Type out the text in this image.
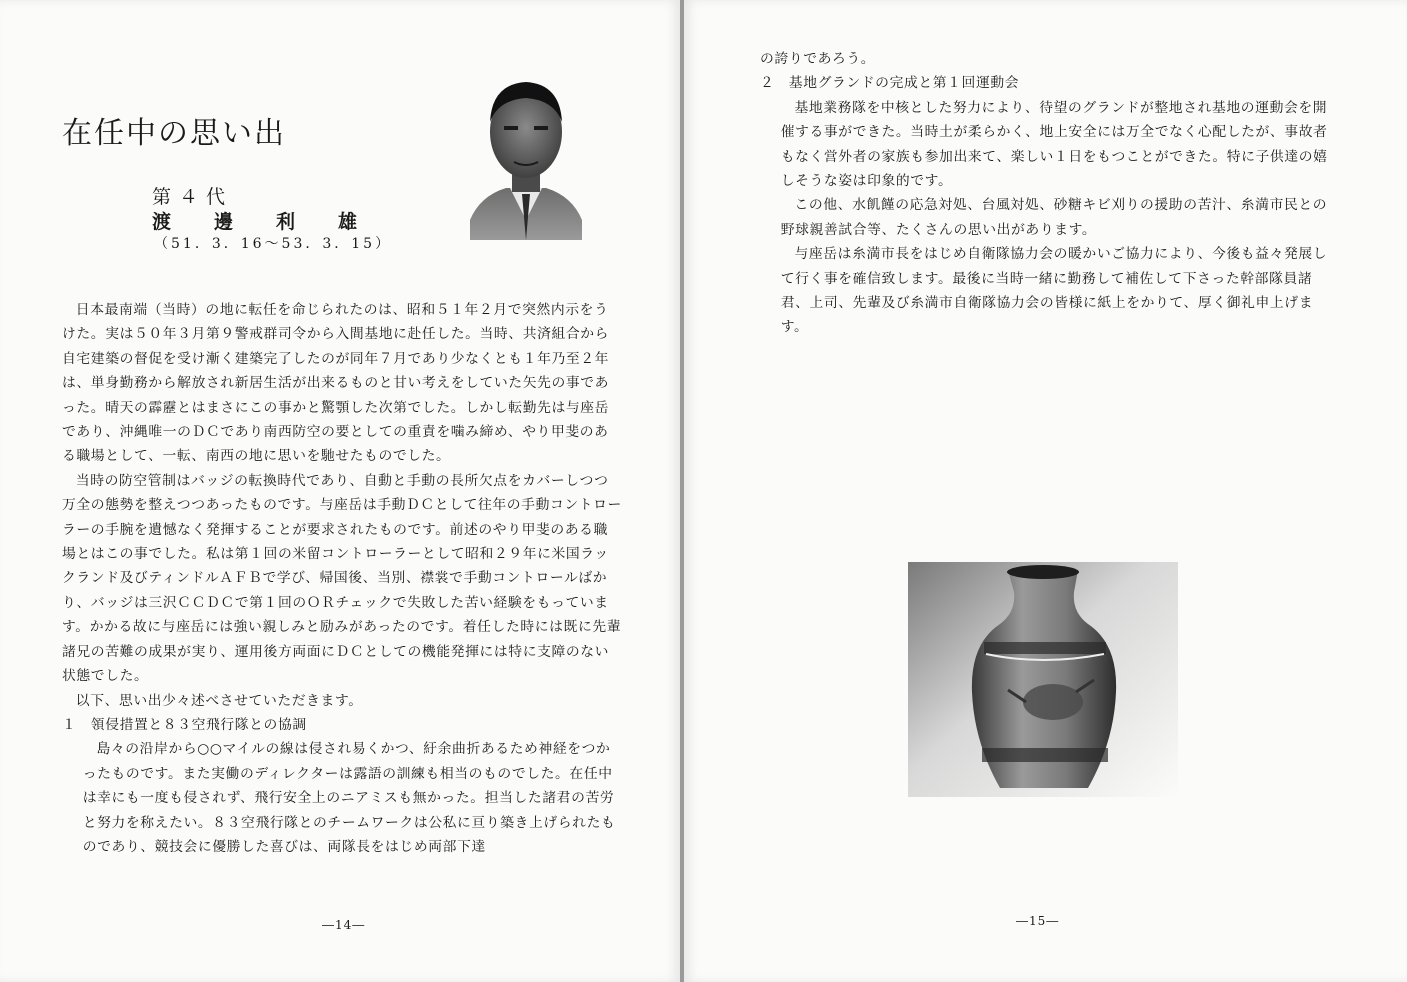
在任中の思い出
第４代
渡 邊 利 雄
（51．3．16～53．3．15）

日本最南端（当時）の地に転任を命じられたのは、昭和５１年２月で突然内示をうけた。実は５０年３月第９警戒群司令から入間基地に赴任した。当時、共済組合から自宅建築の督促を受け漸く建築完了したのが同年７月であり少なくとも１年乃至２年は、単身勤務から解放され新居生活が出来るものと甘い考えをしていた矢先の事であった。晴天の霹靂とはまさにこの事かと驚顎した次第でした。しかし転勤先は与座岳であり、沖縄唯一のＤＣであり南西防空の要としての重責を噛み締め、やり甲斐のある職場として、一転、南西の地に思いを馳せたものでした。

当時の防空管制はバッジの転換時代であり、自動と手動の長所欠点をカバーしつつ万全の態勢を整えつつあったものです。与座岳は手動ＤＣとして往年の手動コントローラーの手腕を遺憾なく発揮することが要求されたものです。前述のやり甲斐のある職場とはこの事でした。私は第１回の米留コントローラーとして昭和２９年に米国ラックランド及びティンドルＡＦＢで学び、帰国後、当別、襟裳で手動コントロールばかり、バッジは三沢ＣＣＤＣで第１回のＯＲチェックで失敗した苦い経験をもっています。かかる故に与座岳には強い親しみと励みがあったのです。着任した時には既に先輩諸兄の苦難の成果が実り、運用後方両面にＤＣとしての機能発揮には特に支障のない状態でした。

以下、思い出少々述べさせていただきます。

１　領侵措置と８３空飛行隊との協調

島々の沿岸から○○マイルの線は侵され易くかつ、紆余曲折あるため神経をつかったものです。また実働のディレクターは露語の訓練も相当のものでした。在任中は幸にも一度も侵されず、飛行安全上のニアミスも無かった。担当した諸君の苦労と努力を称えたい。８３空飛行隊とのチームワークは公私に亘り築き上げられたものであり、競技会に優勝した喜びは、両隊長をはじめ両部下達

―14―

の誇りであろう。

２　基地グランドの完成と第１回運動会

基地業務隊を中核とした努力により、待望のグランドが整地され基地の運動会を開催する事ができた。当時土が柔らかく、地上安全には万全でなく心配したが、事故者もなく営外者の家族も参加出来て、楽しい１日をもつことができた。特に子供達の嬉しそうな姿は印象的です。

この他、水飢饉の応急対処、台風対処、砂糖キビ刈りの援助の苦汁、糸満市民との野球親善試合等、たくさんの思い出があります。

与座岳は糸満市長をはじめ自衛隊協力会の暖かいご協力により、今後も益々発展して行く事を確信致します。最後に当時一緒に勤務して補佐して下さった幹部隊員諸君、上司、先輩及び糸満市自衛隊協力会の皆様に紙上をかりて、厚く御礼申上げます。

―15―
